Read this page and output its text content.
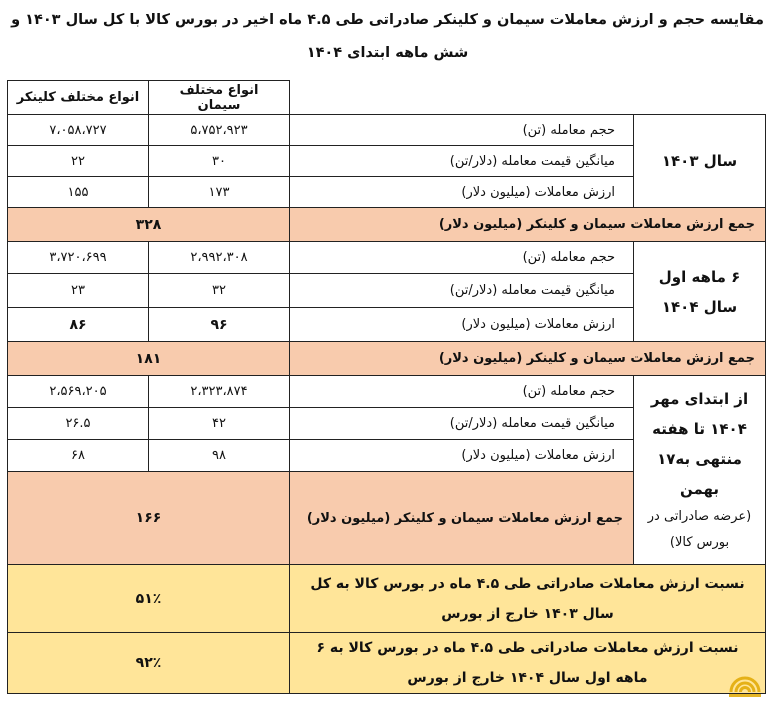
مقایسه حجم و ارزش معاملات سیمان و کلینکر صادراتی طی ۴.۵ ماه اخیر در بورس کالا با کل سال ۱۴۰۳ و شش ماهه ابتدای ۱۴۰۴
انواع مختلف کلینکر	انواع مختلف سیمان		
۷،۰۵۸،۷۲۷	۵،۷۵۲،۹۲۳	حجم معامله (تن)	سال ۱۴۰۳
۲۲	۳۰	میانگین قیمت معامله (دلار/تن)	
۱۵۵	۱۷۳	ارزش معاملات (میلیون دلار)	
۳۲۸		جمع ارزش معاملات سیمان و کلینکر (میلیون دلار)	
۳،۷۲۰،۶۹۹	۲،۹۹۲،۳۰۸	حجم معامله (تن)	۶ ماهه اول سال ۱۴۰۴
۲۳	۳۲	میانگین قیمت معامله (دلار/تن)	
۸۶	۹۶	ارزش معاملات (میلیون دلار)	
۱۸۱		جمع ارزش معاملات سیمان و کلینکر (میلیون دلار)	
۲،۵۶۹،۲۰۵	۲،۳۲۳،۸۷۴	حجم معامله (تن)	از ابتدای مهر ۱۴۰۴ تا هفته منتهی به۱۷ بهمن
(عرضه صادراتی در بورس کالا)

۲۶.۵	۴۲	میانگین قیمت معامله (دلار/تن)	
۶۸	۹۸	ارزش معاملات (میلیون دلار)	
۱۶۶		جمع ارزش معاملات سیمان و کلینکر (میلیون دلار)	
۵۱٪		نسبت ارزش معاملات صادراتی طی ۴.۵ ماه در بورس کالا به کل سال ۱۴۰۳ خارج از بورس	
۹۲٪		نسبت ارزش معاملات صادراتی طی ۴.۵ ماه در بورس کالا به ۶ ماهه اول سال ۱۴۰۴ خارج از بورس	
